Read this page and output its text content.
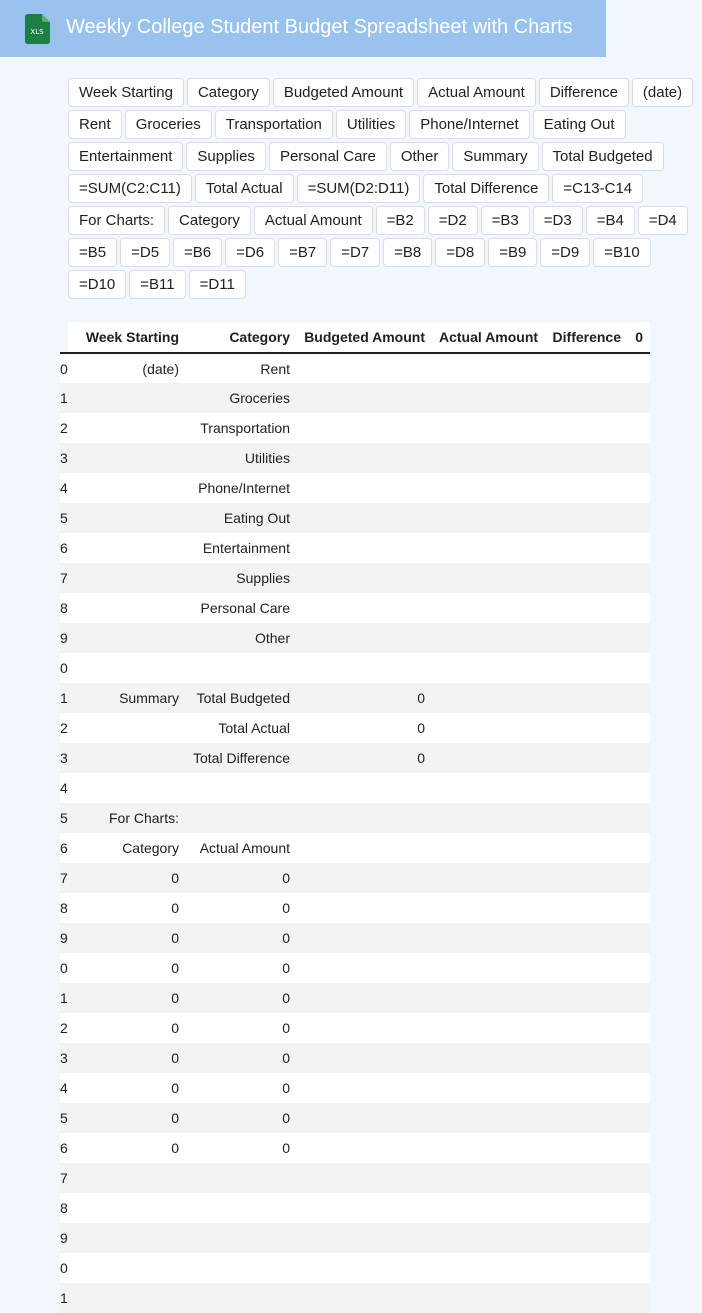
XLS Weekly College Student Budget Spreadsheet with Charts
Week Starting	Category	Budgeted Amount	Actual Amount	Difference	(date)
Rent	Groceries	Transportation	Utilities	Phone/Internet	Eating Out
Entertainment	Supplies	Personal Care	Other	Summary	Total Budgeted
=SUM(C2:C11)	Total Actual	=SUM(D2:D11)	Total Difference	=C13-C14
For Charts:	Category	Actual Amount	=B2	=D2	=B3	=D3	=B4	=D4
=B5	=D5	=B6	=D6	=B7	=D7	=B8	=D8	=B9	=D9	=B10
=D10	=B11	=D11
	Week Starting	Category	Budgeted Amount	Actual Amount	Difference	0
0	(date)	Rent				
1		Groceries				
2		Transportation				
3		Utilities				
4		Phone/Internet				
5		Eating Out				
6		Entertainment				
7		Supplies				
8		Personal Care				
9		Other				
0						
1	Summary	Total Budgeted	0			
2		Total Actual	0			
3		Total Difference	0			
4						
5	For Charts:					
6	Category	Actual Amount				
7	0	0				
8	0	0				
9	0	0				
0	0	0				
1	0	0				
2	0	0				
3	0	0				
4	0	0				
5	0	0				
6	0	0				
7						
8						
9						
0						
1						
